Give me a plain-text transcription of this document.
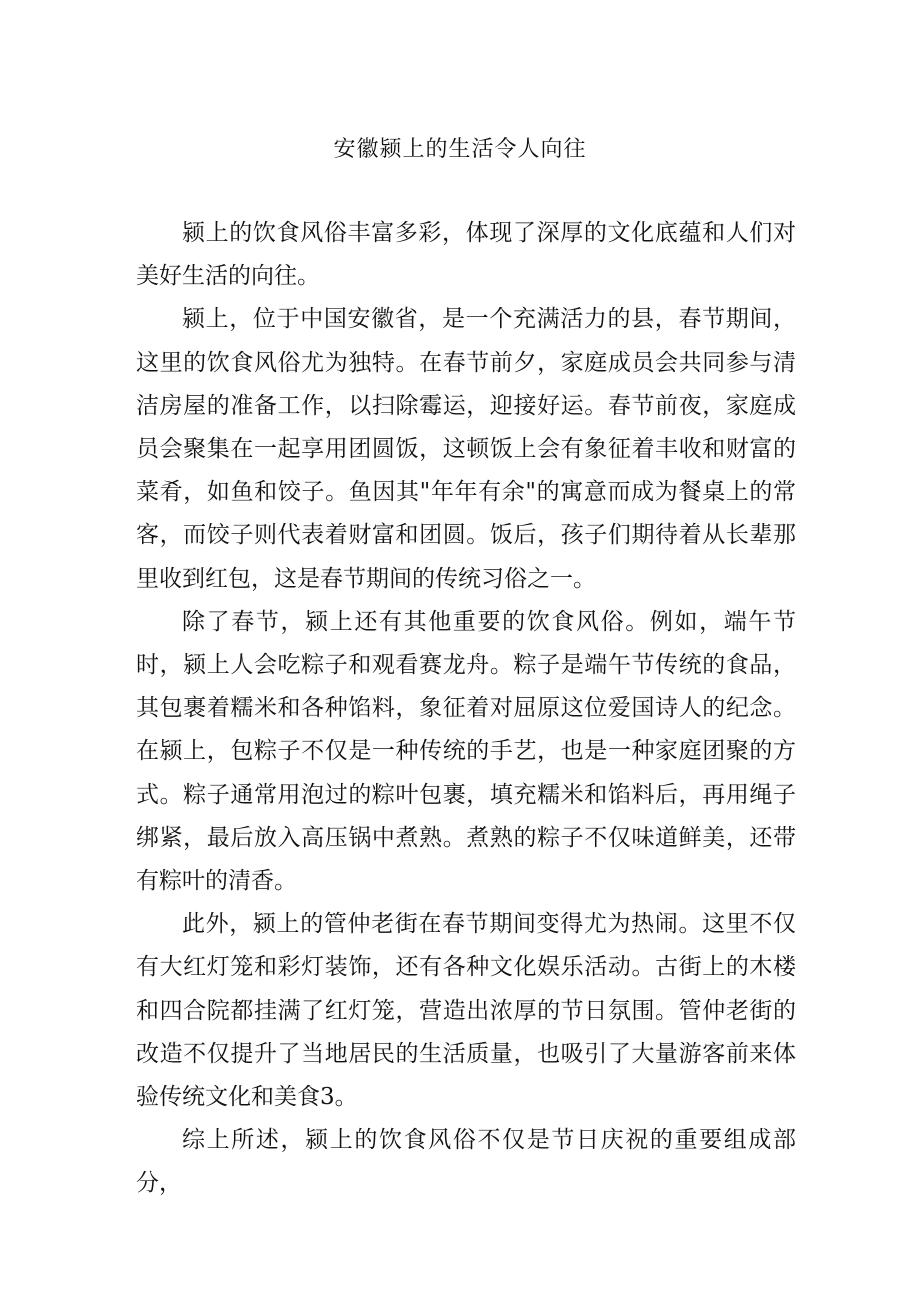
安徽颍上的生活令人向往

颍上的饮食风俗丰富多彩，体现了深厚的文化底蕴和人们对美好生活的向往。

颍上，位于中国安徽省，是一个充满活力的县，春节期间，这里的饮食风俗尤为独特。在春节前夕，家庭成员会共同参与清洁房屋的准备工作，以扫除霉运，迎接好运。春节前夜，家庭成员会聚集在一起享用团圆饭，这顿饭上会有象征着丰收和财富的菜肴，如鱼和饺子。鱼因其"年年有余"的寓意而成为餐桌上的常客，而饺子则代表着财富和团圆。饭后，孩子们期待着从长辈那里收到红包，这是春节期间的传统习俗之一。

除了春节，颍上还有其他重要的饮食风俗。例如，端午节时，颍上人会吃粽子和观看赛龙舟。粽子是端午节传统的食品，其包裹着糯米和各种馅料，象征着对屈原这位爱国诗人的纪念。在颍上，包粽子不仅是一种传统的手艺，也是一种家庭团聚的方式。粽子通常用泡过的粽叶包裹，填充糯米和馅料后，再用绳子绑紧，最后放入高压锅中煮熟。煮熟的粽子不仅味道鲜美，还带有粽叶的清香。

此外，颍上的管仲老街在春节期间变得尤为热闹。这里不仅有大红灯笼和彩灯装饰，还有各种文化娱乐活动。古街上的木楼和四合院都挂满了红灯笼，营造出浓厚的节日氛围。管仲老街的改造不仅提升了当地居民的生活质量，也吸引了大量游客前来体验传统文化和美食3。

综上所述，颍上的饮食风俗不仅是节日庆祝的重要组成部分，
